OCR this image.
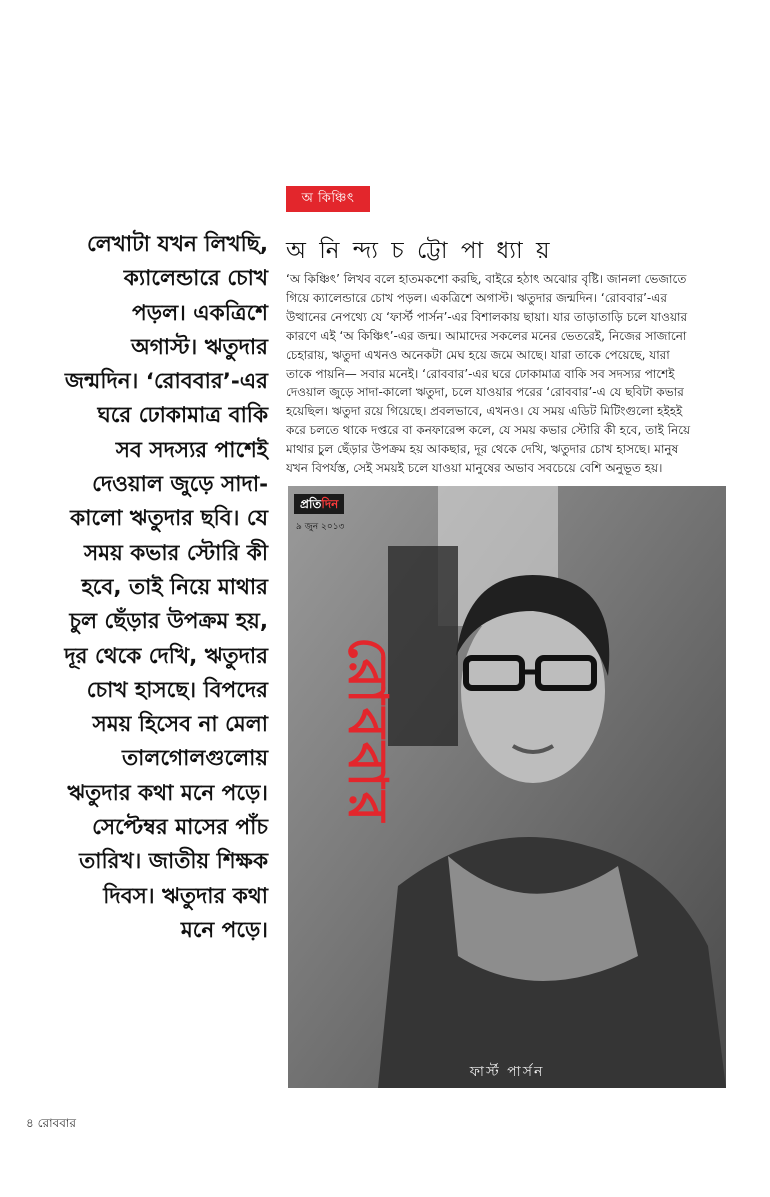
অ কিঞ্চিৎ
অ নি ন্দ্য চ ট্টো পা ধ্যা য়
লেখাটা যখন লিখছি,
ক্যালেন্ডারে চোখ
পড়ল। একত্রিশে
অগাস্ট। ঋতুদার
জন্মদিন। ‘রোববার’-এর
ঘরে ঢোকামাত্র বাকি
সব সদস্যর পাশেই
দেওয়াল জুড়ে সাদা-
কালো ঋতুদার ছবি। যে
সময় কভার স্টোরি কী
হবে, তাই নিয়ে মাথার
চুল ছেঁড়ার উপক্রম হয়,
দূর থেকে দেখি, ঋতুদার
চোখ হাসছে। বিপদের
সময় হিসেব না মেলা
তালগোলগুলোয়
ঋতুদার কথা মনে পড়ে।
সেপ্টেম্বর মাসের পাঁচ
তারিখ। জাতীয় শিক্ষক
দিবস। ঋতুদার কথা
মনে পড়ে।
‘অ কিঞ্চিৎ’ লিখব বলে হাতমকশো করছি, বাইরে হঠাৎ অঝোর বৃষ্টি। জানলা ভেজাতে
গিয়ে ক্যালেন্ডারে চোখ পড়ল। একত্রিশে অগাস্ট। ঋতুদার জন্মদিন। ‘রোববার’-এর
উত্থানের নেপথ্যে যে ‘ফার্স্ট পার্সন’-এর বিশালকায় ছায়া। যার তাড়াতাড়ি চলে যাওয়ার
কারণে এই ‘অ কিঞ্চিৎ’-এর জন্ম। আমাদের সকলের মনের ভেতরেই, নিজের সাজানো
চেহারায়, ঋতুদা এখনও অনেকটা মেঘ হয়ে জমে আছে। যারা তাকে পেয়েছে, যারা
তাকে পায়নি— সবার মনেই। ‘রোববার’-এর ঘরে ঢোকামাত্র বাকি সব সদস্যর পাশেই
দেওয়াল জুড়ে সাদা-কালো ঋতুদা, চলে যাওয়ার পরের ‘রোববার’-এ যে ছবিটা কভার
হয়েছিল। ঋতুদা রয়ে গিয়েছে। প্রবলভাবে, এখনও। যে সময় এডিট মিটিংগুলো হইহই
করে চলতে থাকে দপ্তরে বা কনফারেন্স কলে, যে সময় কভার স্টোরি কী হবে, তাই নিয়ে
মাথার চুল ছেঁড়ার উপক্রম হয় আকছার, দূর থেকে দেখি, ঋতুদার চোখ হাসছে। মানুষ
যখন বিপর্যস্ত, সেই সময়ই চলে যাওয়া মানুষের অভাব সবচেয়ে বেশি অনুভূত হয়।
প্রতিদিন
৯ জুন ২০১৩
রোববার
ফার্স্ট পার্সন
৪ রোববার
